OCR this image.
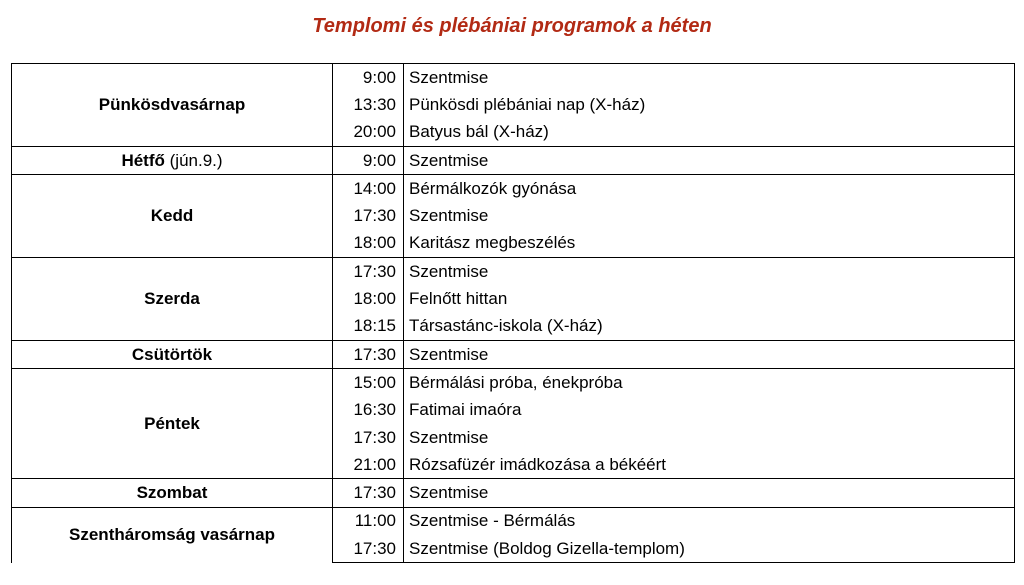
Templomi és plébániai programok a héten
Pünkösdvasárnap	9:00	Szentmise
	13:30	Pünkösdi plébániai nap (X-ház)
	20:00	Batyus bál (X-ház)
Hétfő (jún.9.)	9:00	Szentmise
Kedd	14:00	Bérmálkozók gyónása
	17:30	Szentmise
	18:00	Karitász megbeszélés
Szerda	17:30	Szentmise
	18:00	Felnőtt hittan
	18:15	Társastánc-iskola (X-ház)
Csütörtök	17:30	Szentmise
Péntek	15:00	Bérmálási próba, énekpróba
	16:30	Fatimai imaóra
	17:30	Szentmise
	21:00	Rózsafüzér imádkozása a békéért
Szombat	17:30	Szentmise
Szentháromság vasárnap	11:00	Szentmise - Bérmálás
	17:30	Szentmise (Boldog Gizella-templom)
